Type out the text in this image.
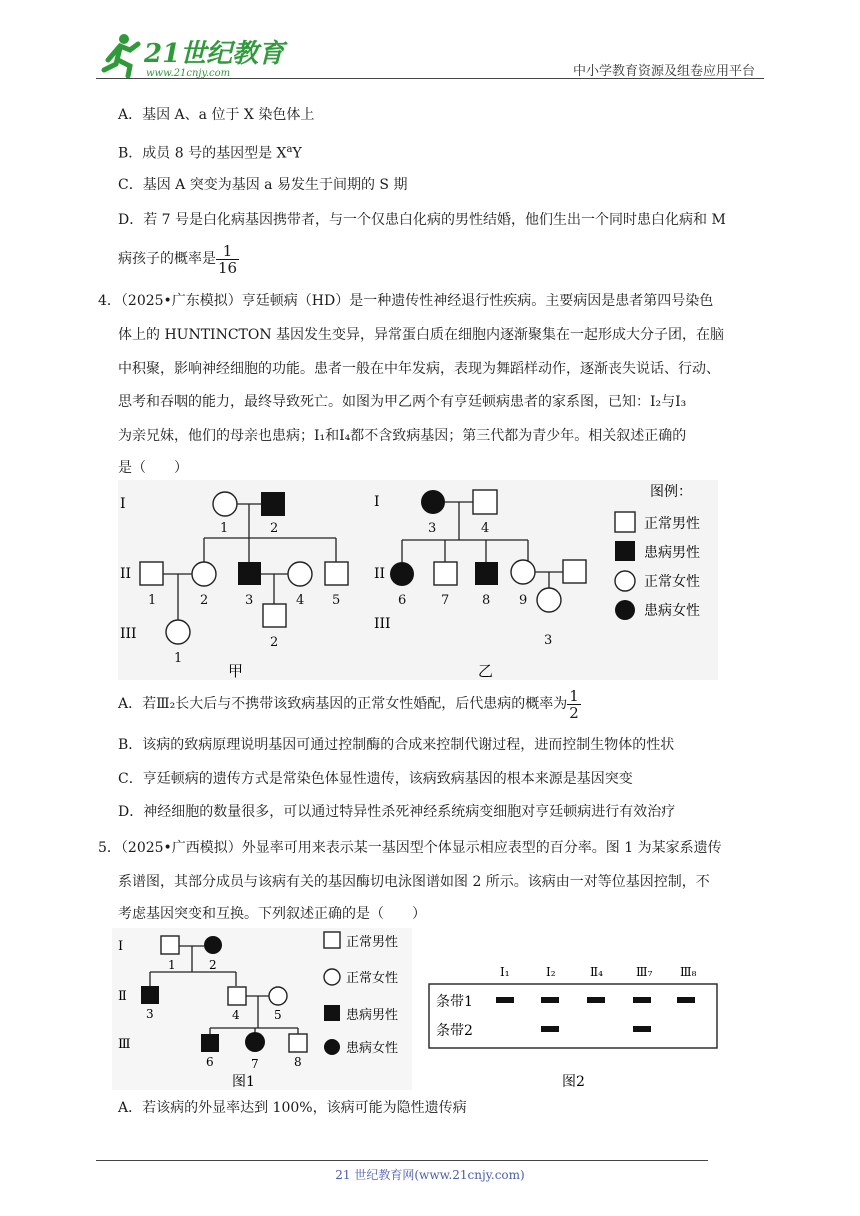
21世纪教育
www.21cnjy.com	中小学教育资源及组卷应用平台
A．基因 A、a 位于 X 染色体上
B．成员 8 号的基因型是 $X^aY$
C．基因 A 突变为基因 a 易发生于间期的 S 期
D．若 7 号是白化病基因携带者，与一个仅患白化病的男性结婚，他们生出一个同时患白化病和 M
病孩子的概率是 $\frac{1}{16}$
4．（2025•广东模拟）亨廷顿病（HD）是一种遗传性神经退行性疾病。主要病因是患者第四号染色
体上的 HUNTINCTON 基因发生变异，异常蛋白质在细胞内逐渐聚集在一起形成大分子团，在脑
中积聚，影响神经细胞的功能。患者一般在中年发病，表现为舞蹈样动作，逐渐丧失说话、行动、
思考和吞咽的能力，最终导致死亡。如图为甲乙两个有亨廷顿病患者的家系图，已知：Ⅰ₂与Ⅰ₃
为亲兄妹，他们的母亲也患病；Ⅰ₁和Ⅰ₄都不含致病基因；第三代都为青少年。相关叙述正确的
是（　　）
I
II
III
I
II
III
1	2
1	2	3	4 5
1
2
3	4
6	7	8 9
3
甲	乙
图例：
正常男性
患病男性
正常女性
患病女性
A．若Ⅲ₂长大后与不携带该致病基因的正常女性婚配，后代患病的概率为 $\frac{1}{2}$
B．该病的致病原理说明基因可通过控制酶的合成来控制代谢过程，进而控制生物体的性状
C．亨廷顿病的遗传方式是常染色体显性遗传，该病致病基因的根本来源是基因突变
D．神经细胞的数量很多，可以通过特异性杀死神经系统病变细胞对亨廷顿病进行有效治疗
5．（2025•广西模拟）外显率可用来表示某一基因型个体显示相应表型的百分率。图 1 为某家系遗传
系谱图，其部分成员与该病有关的基因酶切电泳图谱如图 2 所示。该病由一对等位基因控制，不
考虑基因突变和互换。下列叙述正确的是（　　）
Ⅰ
Ⅱ
Ⅲ
1	2
3	4	5
6	7	8
图1
正常男性
正常女性
患病男性
患病女性
Ⅰ₁	Ⅰ₂	Ⅱ₄	Ⅲ₇ Ⅲ₈
条带1
条带2
图2
A．若该病的外显率达到 100%，该病可能为隐性遗传病
21 世纪教育网(www.21cnjy.com)
